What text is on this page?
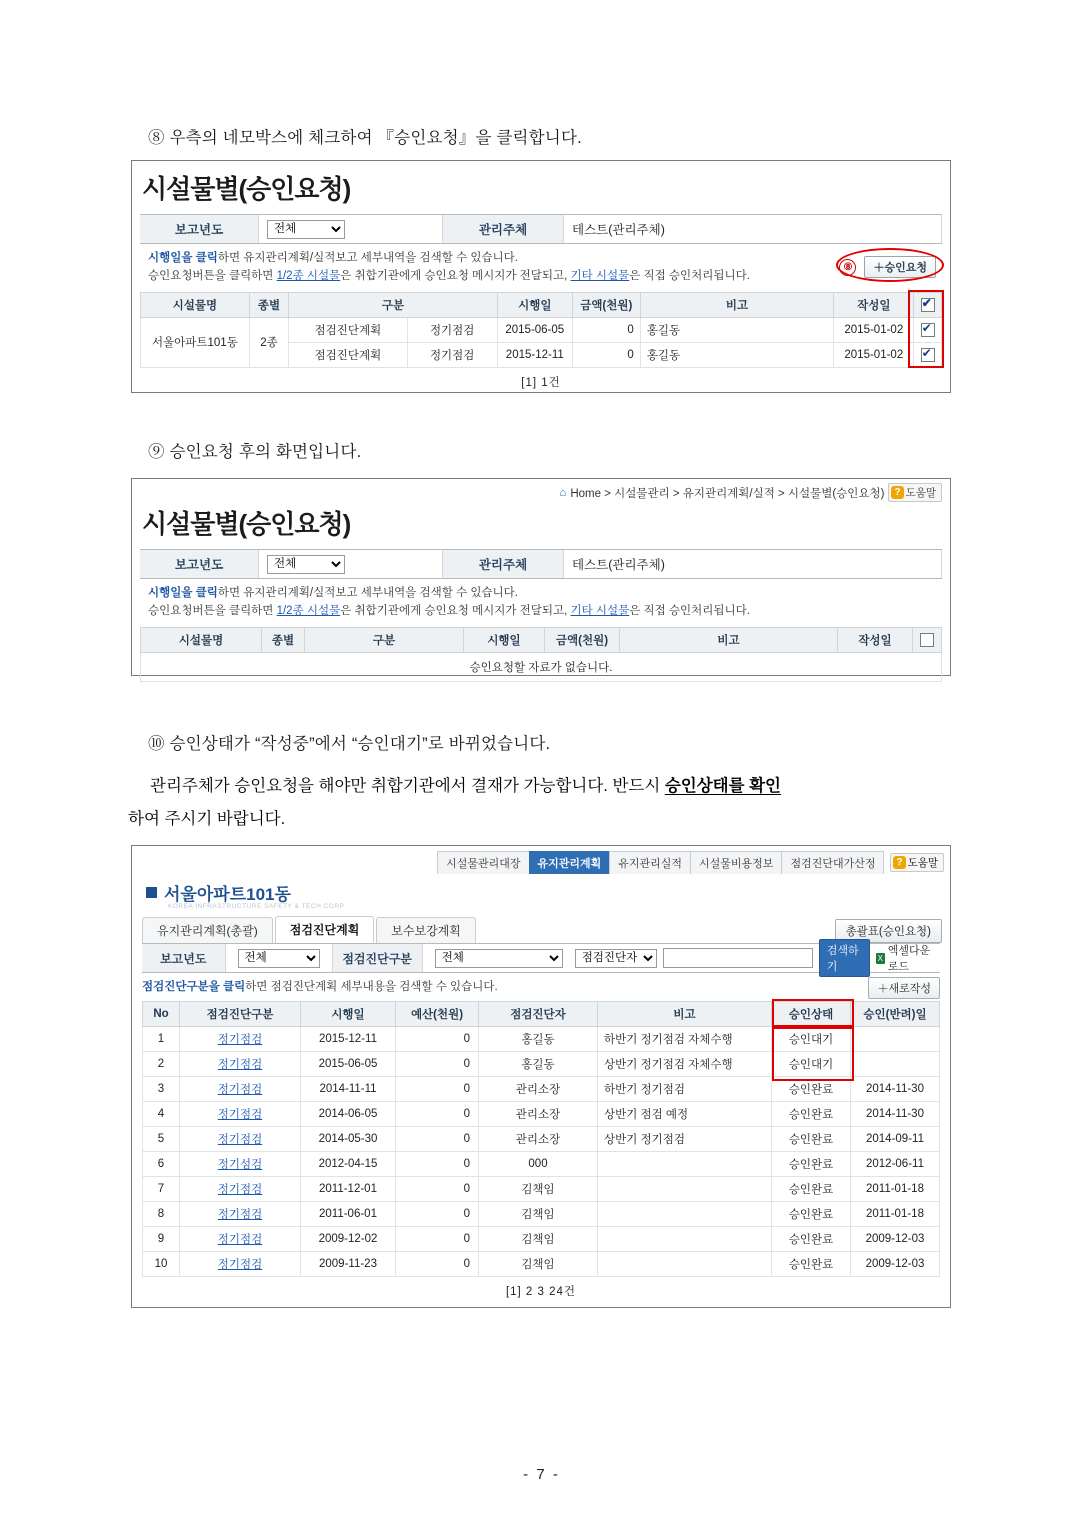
⑧ 우측의 네모박스에 체크하여 『승인요청』을 클릭합니다.
시설물별(승인요청)
보고년도
전체	관리주체	테스트(관리주체)
시행일을 클릭하면 유지관리계획/실적보고 세부내역을 검색할 수 있습니다.
승인요청버튼을 클릭하면 1/2종 시설물은 취합기관에게 승인요청 메시지가 전달되고, 기타 시설물은 직접 승인처리됩니다.
⑧	＋승인요청
시설물명	종별	구분		시행일	금액(천원)	비고	작성일	✔
서울아파트101동	2종	점검진단계획	정기점검	2015-06-05	0	홍길동	2015-01-02	✔
		점검진단계획	정기점검	2015-12-11	0	홍길동	2015-01-02	✔
[1] 1건
⑨ 승인요청 후의 화면입니다.
⌂ Home > 시설물관리 > 유지관리계획/실적 > 시설물별(승인요청)	? 도움말
시설물별(승인요청)
보고년도
전체	관리주체	테스트(관리주체)
시행일을 클릭하면 유지관리계획/실적보고 세부내역을 검색할 수 있습니다.
승인요청버튼을 클릭하면 1/2종 시설물은 취합기관에게 승인요청 메시지가 전달되고, 기타 시설물은 직접 승인처리됩니다.
시설물명	종별	구분	시행일	금액(천원)	비고	작성일	
승인요청할 자료가 없습니다.
⑩ 승인상태가 “작성중”에서 “승인대기”로 바뀌었습니다.
관리주체가 승인요청을 해야만 취합기관에서 결재가 가능합니다. 반드시 승인상태를 확인
하여 주시기 바랍니다.
시설물관리대장	유지관리계획	유지관리실적	시설물비용정보	점검진단대가산정	? 도움말
서울아파트101동
KOREA INFRASTRUCTURE SAFETY & TECH.CORP
유지관리계획(총괄)	점검진단계획	보수보강계획	총괄표(승인요청)
보고년도
전체	점검진단구분
전체
점검진단자
검색하기
X
엑셀다운로드
점검진단구분을 클릭하면 점검진단계획 세부내용을 검색할 수 있습니다.	＋새로작성
No	점검진단구분	시행일	예산(천원)	점검진단자	비고	승인상태	승인(반려)일
1	정기점검	2015-12-11	0	홍길동	하반기 정기점검 자체수행	승인대기	
2	정기점검	2015-06-05	0	홍길동	상반기 정기점검 자체수행	승인대기	
3	정기점검	2014-11-11	0	관리소장	하반기 정기점검	승인완료	2014-11-30
4	정기점검	2014-06-05	0	관리소장	상반기 점검 예정	승인완료	2014-11-30
5	정기점검	2014-05-30	0	관리소장	상반기 정기점검	승인완료	2014-09-11
6	정기섬검	2012-04-15	0	000		승인완료	2012-06-11
7	정기점검	2011-12-01	0	김책임		승인완료	2011-01-18
8	정기점검	2011-06-01	0	김책임		승인완료	2011-01-18
9	정기점검	2009-12-02	0	김책임		승인완료	2009-12-03
10	정기점검	2009-11-23	0	김책임		승인완료	2009-12-03
[1] 2 3 24건
- 7 -
